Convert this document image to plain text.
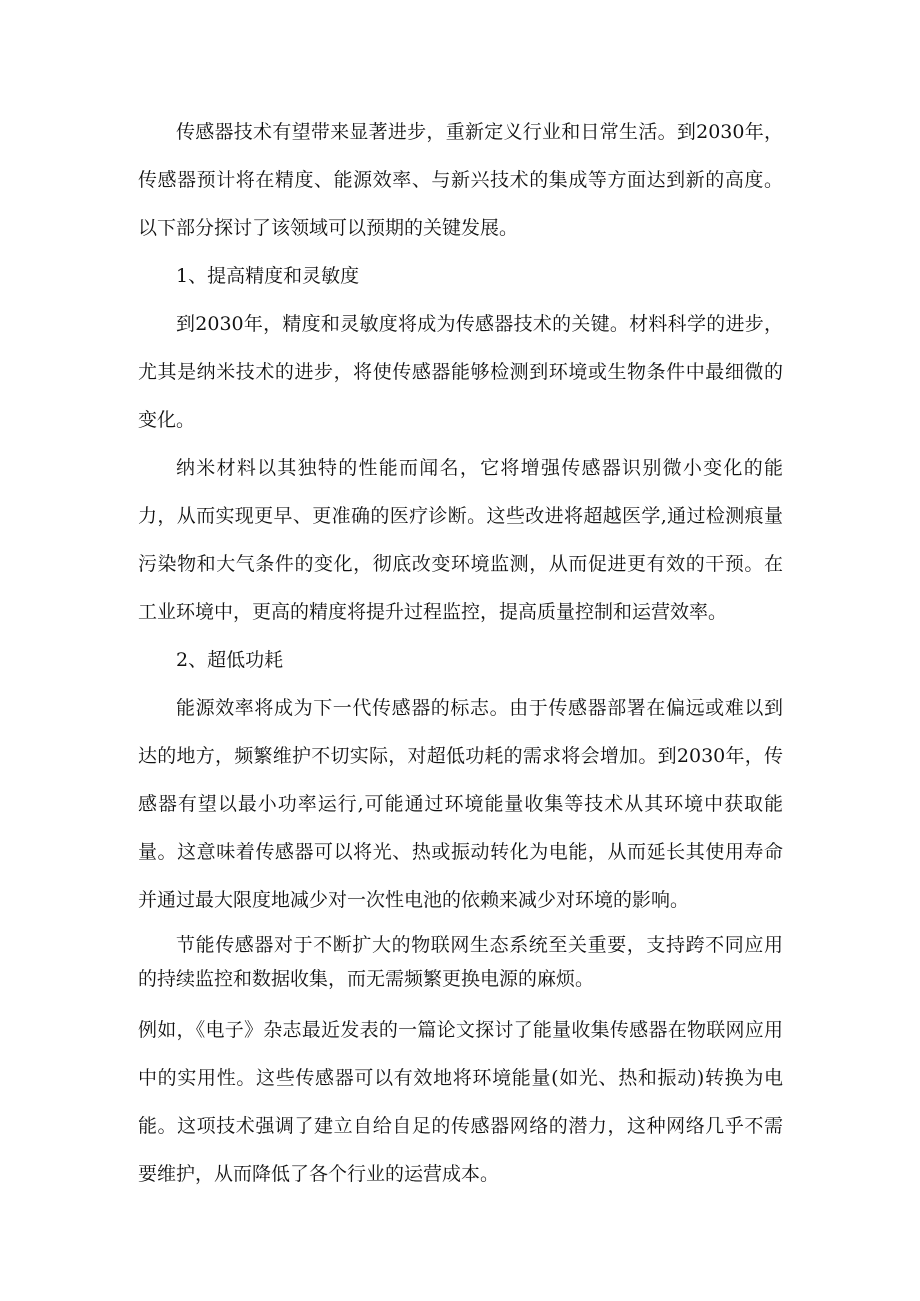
传感器技术有望带来显著进步，重新定义行业和日常生活。到2030年，传感器预计将在精度、能源效率、与新兴技术的集成等方面达到新的高度。以下部分探讨了该领域可以预期的关键发展。

1、提高精度和灵敏度

到2030年，精度和灵敏度将成为传感器技术的关键。材料科学的进步，尤其是纳米技术的进步，将使传感器能够检测到环境或生物条件中最细微的变化。

纳米材料以其独特的性能而闻名，它将增强传感器识别微小变化的能力，从而实现更早、更准确的医疗诊断。这些改进将超越医学,通过检测痕量污染物和大气条件的变化，彻底改变环境监测，从而促进更有效的干预。在工业环境中，更高的精度将提升过程监控，提高质量控制和运营效率。

2、超低功耗

能源效率将成为下一代传感器的标志。由于传感器部署在偏远或难以到达的地方，频繁维护不切实际，对超低功耗的需求将会增加。到2030年，传感器有望以最小功率运行,可能通过环境能量收集等技术从其环境中获取能量。这意味着传感器可以将光、热或振动转化为电能，从而延长其使用寿命并通过最大限度地减少对一次性电池的依赖来减少对环境的影响。

节能传感器对于不断扩大的物联网生态系统至关重要，支持跨不同应用的持续监控和数据收集，而无需频繁更换电源的麻烦。

例如，《电子》杂志最近发表的一篇论文探讨了能量收集传感器在物联网应用中的实用性。这些传感器可以有效地将环境能量(如光、热和振动)转换为电能。这项技术强调了建立自给自足的传感器网络的潜力，这种网络几乎不需要维护，从而降低了各个行业的运营成本。
